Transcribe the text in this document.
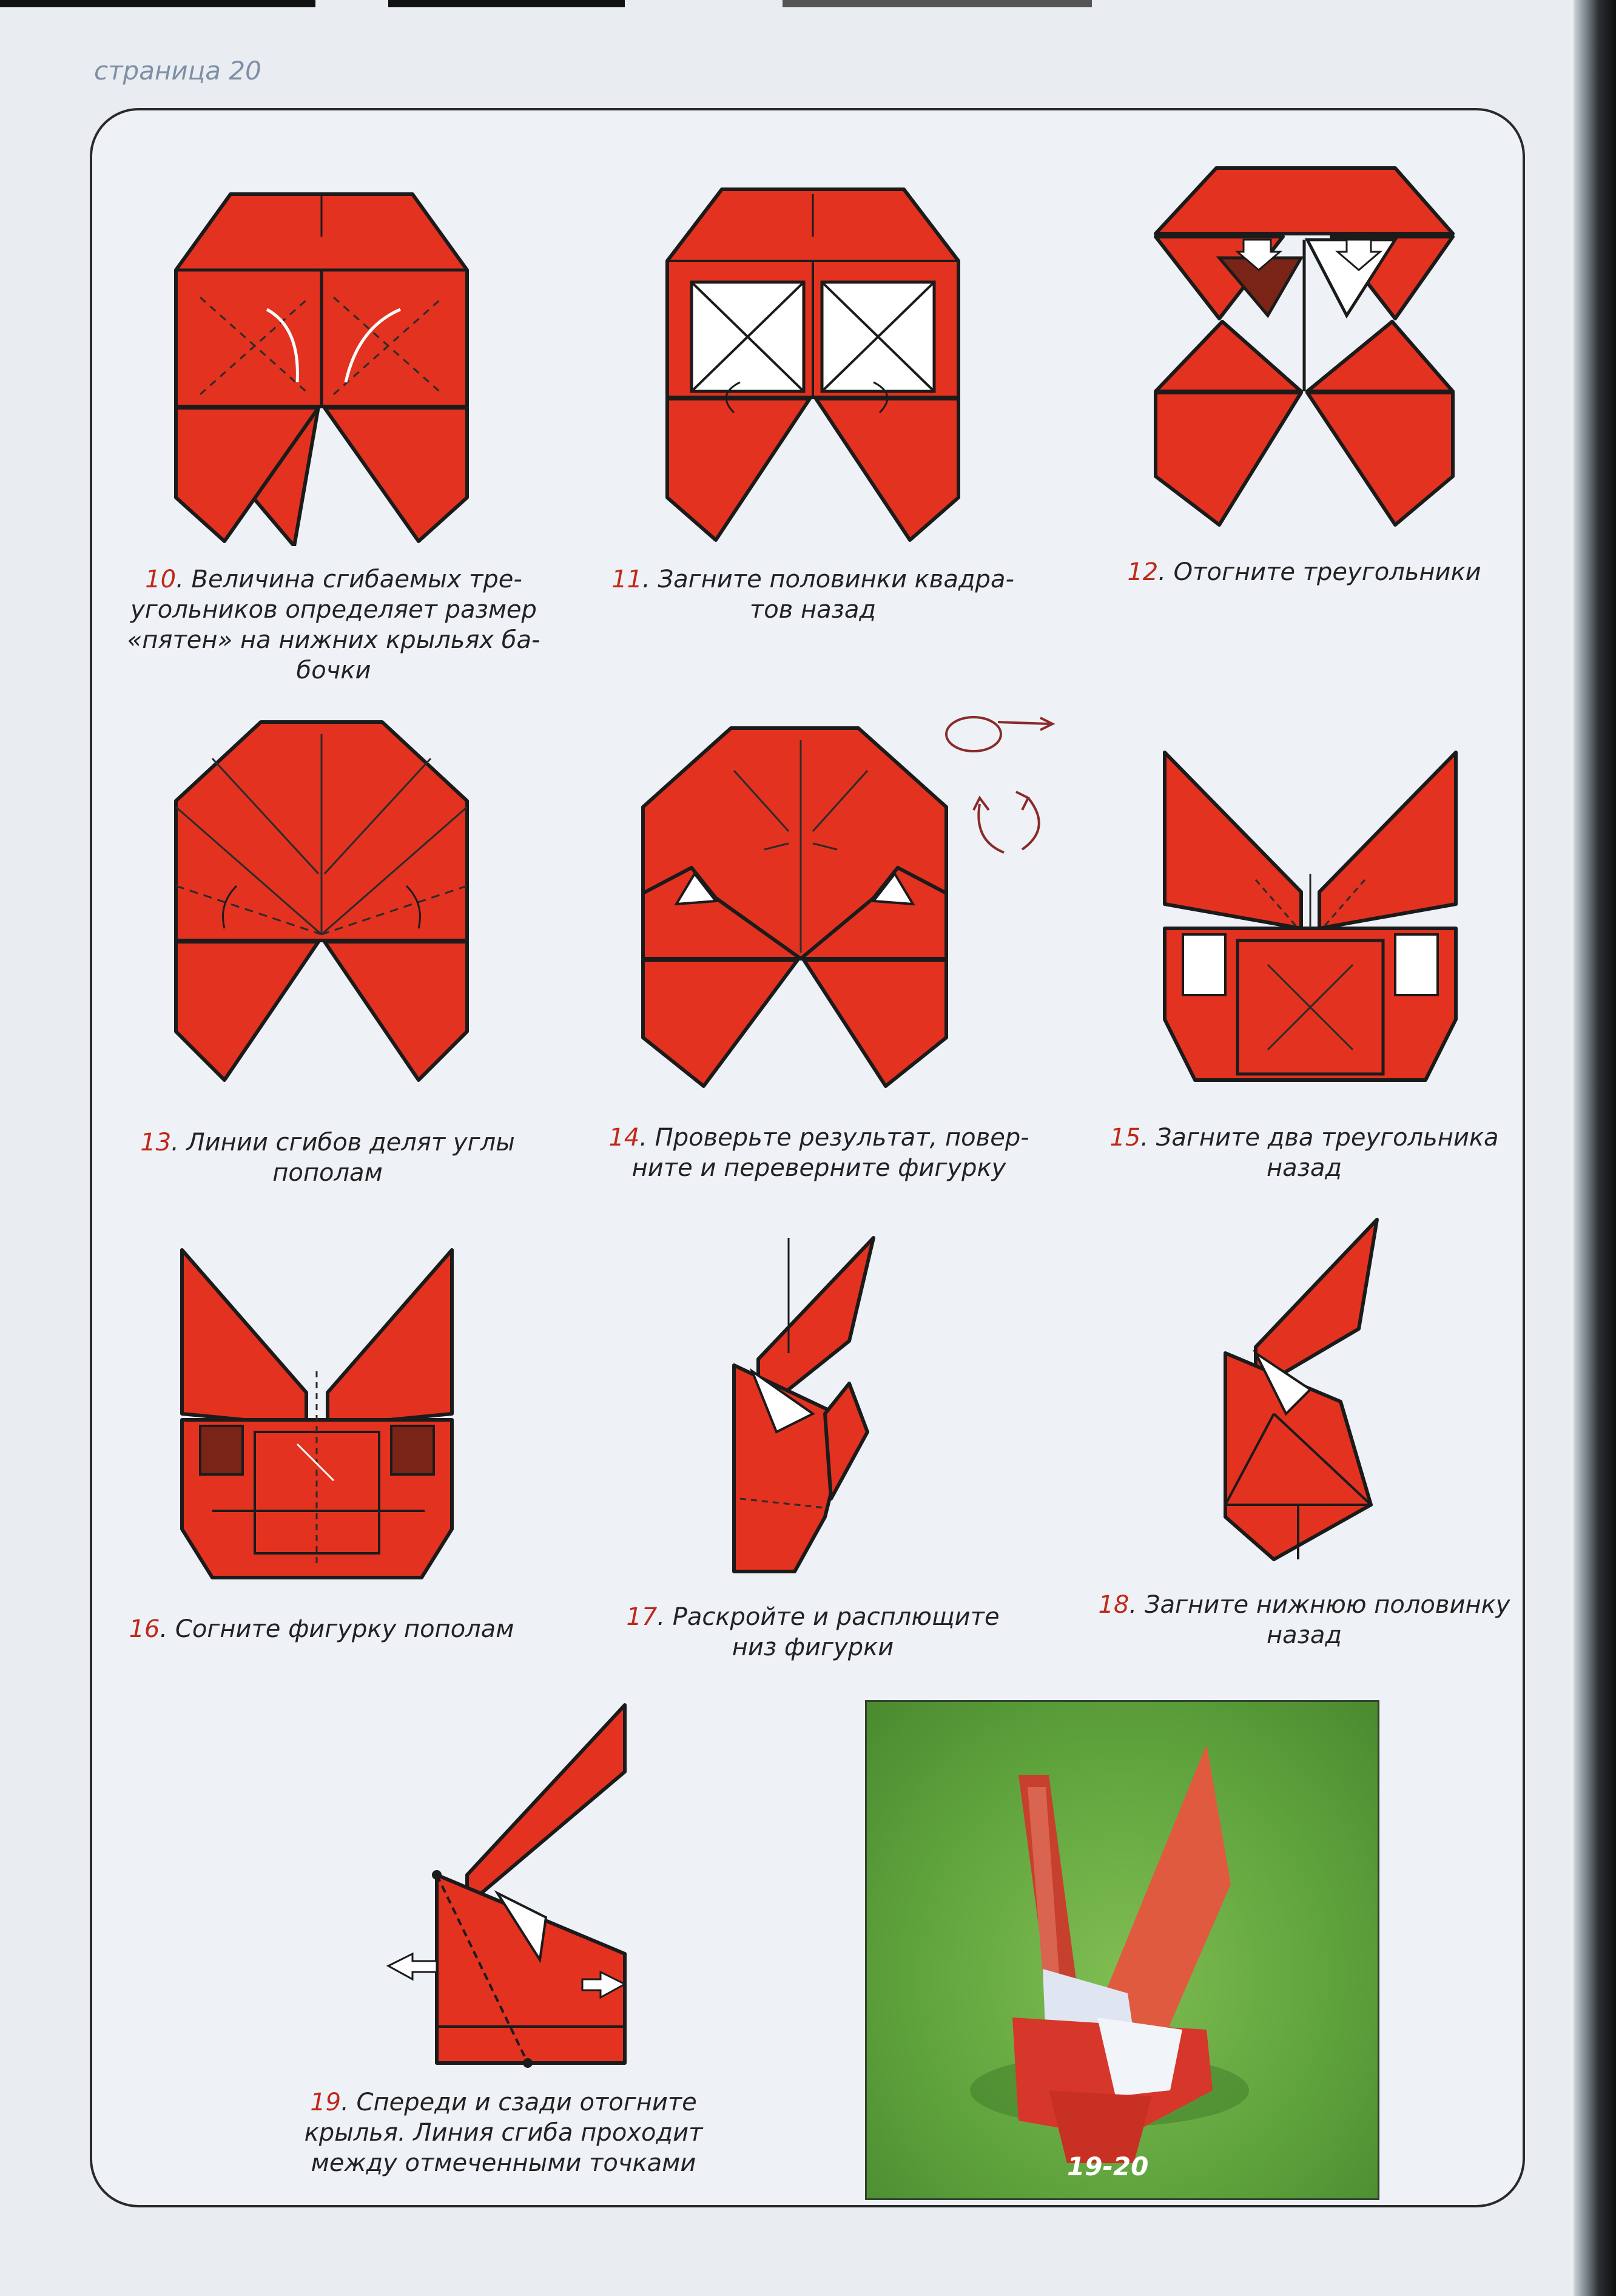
страница 20
10. Величина сгибаемых тре-
угольников определяет размер
«пятен» на нижних крыльях ба-
бочки
11. Загните половинки квадра-
тов назад
12. Отогните треугольники
13. Линии сгибов делят углы
пополам
14. Проверьте результат, повер-
ните и переверните фигурку
15. Загните два треугольника
назад
16. Согните фигурку пополам	17. Раскройте и расплющите
низ фигурки
18. Загните нижнюю половинку
назад
19. Спереди и сзади отогните
крылья. Линия сгиба проходит
между отмеченными точками	19-20
